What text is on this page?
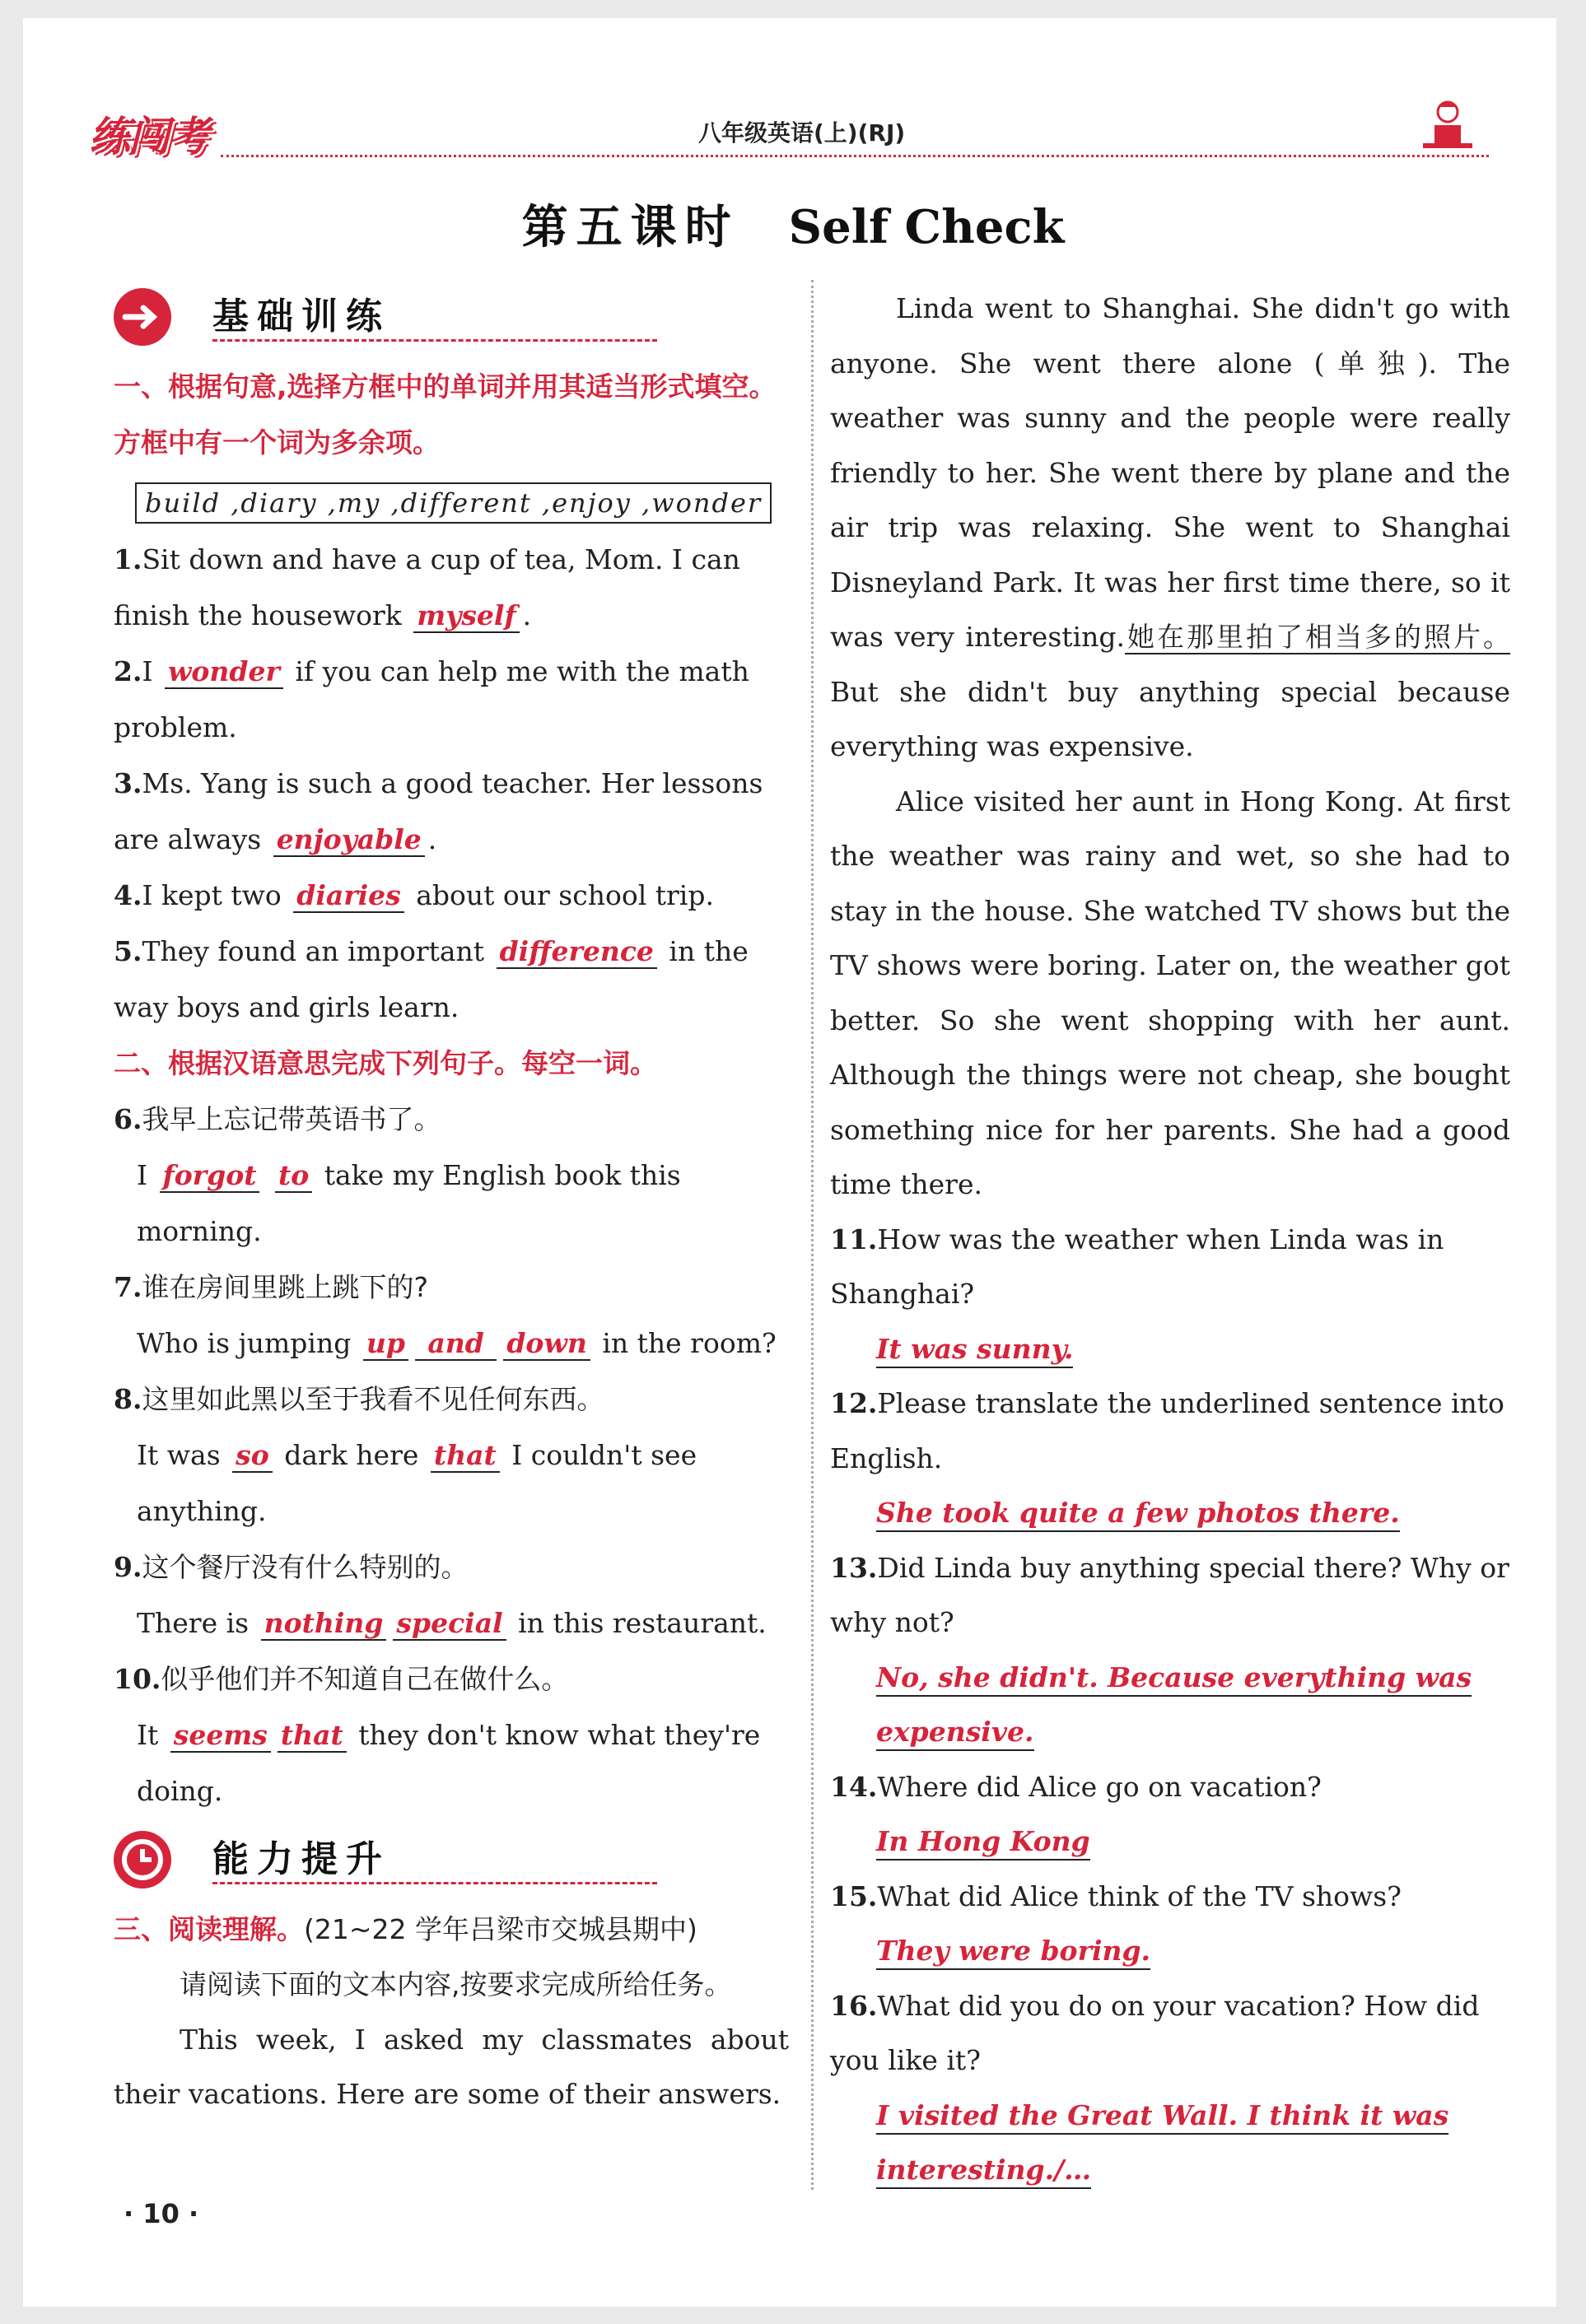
练闯考	八年级英语(上)(RJ)
第五课时 Self Check
基础训练

一、根据句意,选择方框中的单词并用其适当形式填空。方框中有一个词为多余项。

build ,diary ,my ,different ,enjoy ,wonder

1.Sit down and have a cup of tea, Mom. I can finish the housework myself .

2.I wonder if you can help me with the math problem.

3.Ms. Yang is such a good teacher. Her lessons are always enjoyable .

4.I kept two diaries about our school trip.

5.They found an important difference in the way boys and girls learn.

二、根据汉语意思完成下列句子。每空一词。

6.我早上忘记带英语书了。

I forgot to take my English book this morning.

7.谁在房间里跳上跳下的?

Who is jumping up and down in the room?

8.这里如此黑以至于我看不见任何东西。

It was so dark here that I couldn't see anything.

9.这个餐厅没有什么特别的。

There is nothing special in this restaurant.

10.似乎他们并不知道自己在做什么。

It seems that they don't know what they're doing.

能力提升

三、阅读理解。(21~22 学年吕梁市交城县期中)

请阅读下面的文本内容,按要求完成所给任务。

This week, I asked my classmates about their vacations. Here are some of their answers.

Linda went to Shanghai. She didn't go with anyone. She went there alone (单独). The weather was sunny and the people were really friendly to her. She went there by plane and the air trip was relaxing. She went to Shanghai Disneyland Park. It was her first time there, so it was very interesting.她在那里拍了相当多的照片。But she didn't buy anything special because everything was expensive.

Alice visited her aunt in Hong Kong. At first the weather was rainy and wet, so she had to stay in the house. She watched TV shows but the TV shows were boring. Later on, the weather got better. So she went shopping with her aunt. Although the things were not cheap, she bought something nice for her parents. She had a good time there.

11.How was the weather when Linda was in Shanghai?

It was sunny.

12.Please translate the underlined sentence into English.

She took quite a few photos there.

13.Did Linda buy anything special there? Why or why not?

No, she didn't. Because everything was expensive.

14.Where did Alice go on vacation?

In Hong Kong

15.What did Alice think of the TV shows?

They were boring.

16.What did you do on your vacation? How did you like it?

I visited the Great Wall. I think it was interesting./…

· 10 ·
